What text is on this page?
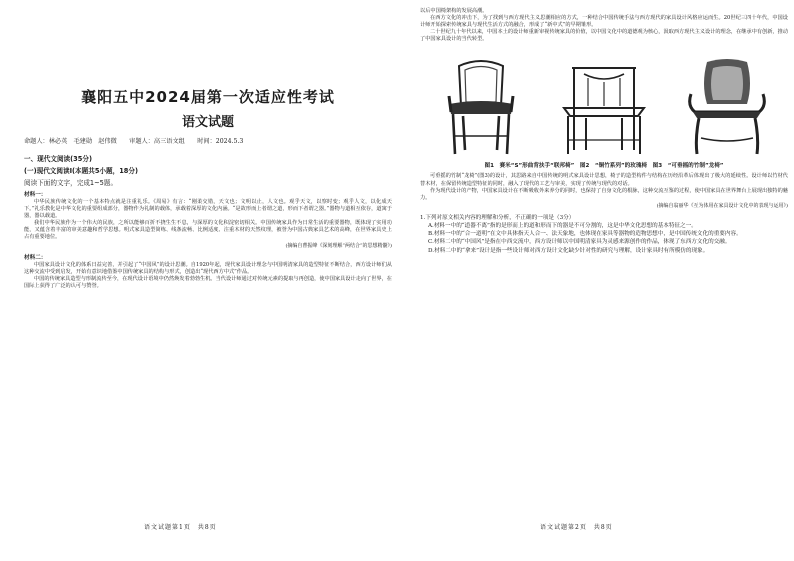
襄阳五中2024届第一次适应性考试
语文试题
命题人：林必英　毛建勋　赵伟微　　审题人：高三语文组　　时间：2024.5.3
一、现代文阅读(35分)
(一)现代文阅读Ⅰ(本题共5小题，18分)
阅读下面的文字，完成1~5题。
材料一：

中华民族传统文化的一个基本特点就是注重礼乐。《周易》有言：“刚柔交错，天文也；文明以止，人文也。观乎天文，以察时变；观乎人文，以化成天下。”礼乐教化是中华文化的重要组成部分，器物作为礼制的载体，承载着深厚的文化内涵。“是故形而上者谓之道，形而下者谓之器。”器物与道相互依存，道寓于器，器以载道。

我们中华民族作为一个伟大的民族，之所以能够百折不挠生生不息，与深厚的文化积淀密切相关。中国传统家具作为日常生活的重要器物，既体现了实用功能，又蕴含着丰富的审美意趣和哲学思想。明式家具造型简练、线条流畅、比例适度、注重木材的天然纹理，被誉为中国古典家具艺术的高峰，在世界家具史上占有重要地位。

(摘编自曹振峰《深刻理解“两结合”的思想精髓》)
材料二：

中国家具设计文化的体系日益完善，并引起了“中国风”的设计思潮。自1920年起，现代家具设计理念与中国明清家具的造型特征不断结合，西方设计师们从这种交流中受到启发，开始有意识地借鉴中国传统家具的结构与形式，创造出“现代西方中式”作品。

中国的传统家具造型与形制流传至今，在现代设计语境中仍然焕发着勃勃生机。当代设计师通过对传统元素的提取与再创造，使中国家具设计走向了世界，在国际上获得了广泛的认可与赞誉。

语文试题第1页　共8页

以后中国椅架构的发展高潮。

在西方文化的冲击下，为了找到与西方现代主义思潮相应的方式，一种结合中国传统手法与西方现代的家具设计风格应运而生。20世纪三四十年代，中国设计师开始探索传统家具与现代生活方式的融合，形成了“新中式”的早期雏形。

二十世纪九十年代以来，中国本土的设计师重新审视传统家具的价值，以中国文化中的道德观为核心，汲取西方现代主义设计的理念，在继承中有创新，推动了中国家具设计的当代转型。

图1　赛米“S”形曲背扶手“联邦椅”　图2　“铜竹系列”的玫瑰椅　图3　“可垂摇的竹制”龙椅”

可垂摇的竹制“龙椅”(图3)的设计，其思路来自中国传统的明式家具设计思想，椅子的造型构件与结构在历经沿革后体现出了极大的延续性。设计师以竹材代替木材，在保留传统造型特征的同时，融入了现代的工艺与审美，实现了传统与现代的对话。

作为现代设计的产物，中国家具设计在不断吸收外来养分的同时，也保持了自身文化的根脉，这种交流互鉴的过程，使中国家具在世界舞台上展现出独特的魅力。

(摘编自翁丽华《互为体用在家具设计文化中的表现与运用》)

1.下列对原文相关内容的理解和分析，不正确的一项是（3分）

A.材料一中的“道器不离”指的是形而上的道和形而下的器是不可分割的，这是中华文化思想的基本特征之一。

B.材料一中的“合一道明”在文中具体指天人合一、法天象地，也体现在家具等器物的造物思想中，是中国传统文化的重要内容。

C.材料二中的“中国风”是指在中西交流中，西方设计师以中国明清家具为灵感来源创作的作品，体现了东西方文化的交融。

D.材料二中的“拿来”设计是指一些设计师对西方设计文化缺少针对性的研究与理解，设计家具时有所模仿的现象。

语文试题第2页　共8页
